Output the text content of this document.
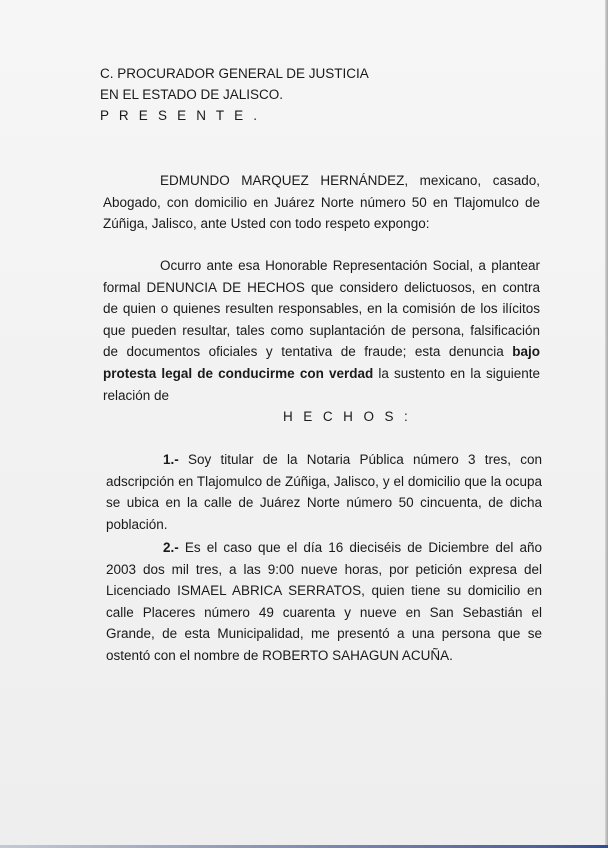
C. PROCURADOR GENERAL DE JUSTICIA
EN EL ESTADO DE JALISCO.
P R E S E N T E .
EDMUNDO MARQUEZ HERNÁNDEZ, mexicano, casado, Abogado, con domicilio en Juárez Norte número 50 en Tlajomulco de Zúñiga, Jalisco, ante Usted con todo respeto expongo:
Ocurro ante esa Honorable Representación Social, a plantear formal DENUNCIA DE HECHOS que considero delictuosos, en contra de quien o quienes resulten responsables, en la comisión de los ilícitos que pueden resultar, tales como suplantación de persona, falsificación de documentos oficiales y tentativa de fraude; esta denuncia bajo protesta legal de conducirme con verdad la sustento en la siguiente relación de
H E C H O S :
1.- Soy titular de la Notaria Pública número 3 tres, con adscripción en Tlajomulco de Zúñiga, Jalisco, y el domicilio que la ocupa se ubica en la calle de Juárez Norte número 50 cincuenta, de dicha población.
2.- Es el caso que el día 16 dieciséis de Diciembre del año 2003 dos mil tres, a las 9:00 nueve horas, por petición expresa del Licenciado ISMAEL ABRICA SERRATOS, quien tiene su domicilio en calle Placeres número 49 cuarenta y nueve en San Sebastián el Grande, de esta Municipalidad, me presentó a una persona que se ostentó con el nombre de ROBERTO SAHAGUN ACUÑA.
